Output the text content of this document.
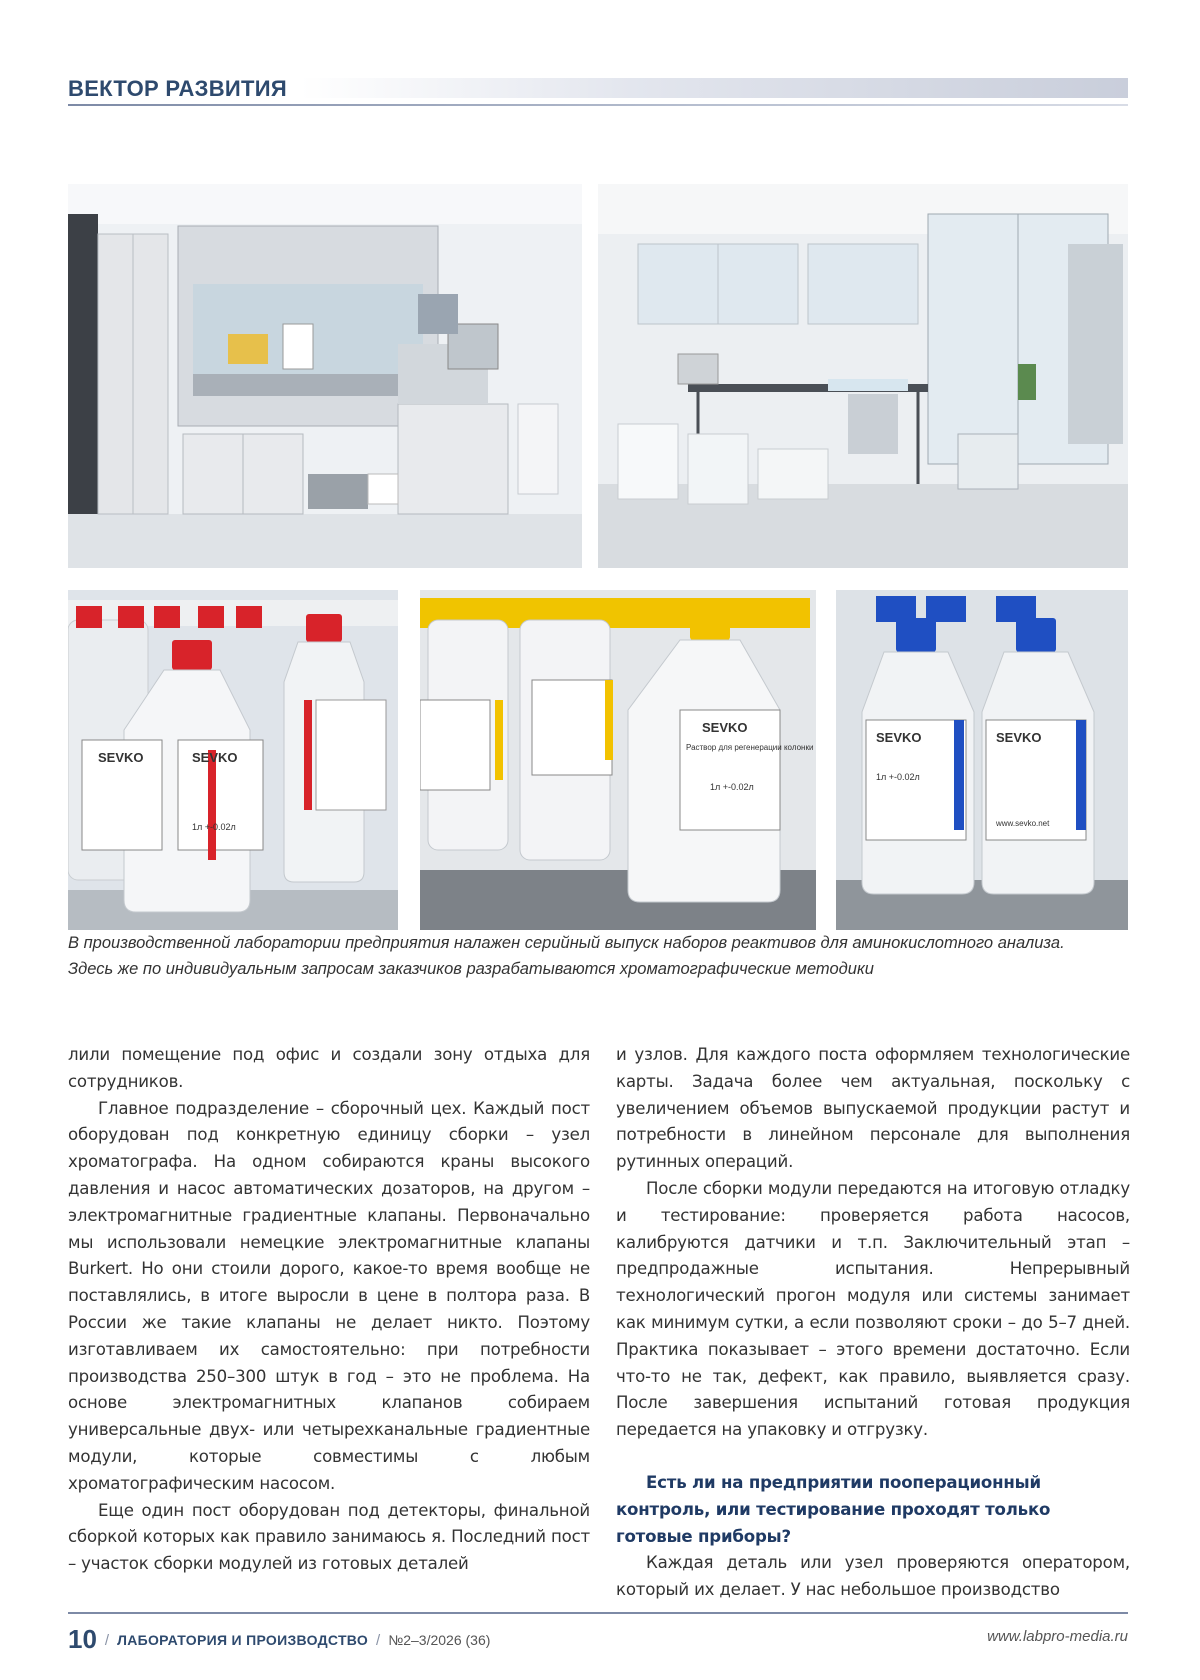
ВЕКТОР РАЗВИТИЯ
SEVKO	SEVKO
1л +-0.02л
SEVKO
Раствор для регенерации колонки
1л +-0.02л
SEVKO	SEVKO
1л +-0.02л
www.sevko.net
В производственной лаборатории предприятия налажен серийный выпуск наборов реактивов для аминокислотного анализа.
Здесь же по индивидуальным запросам заказчиков разрабатываются хроматографические методики

лили помещение под офис и создали зону отдыха для сотрудников.

Главное подразделение – сборочный цех. Каждый пост оборудован под конкретную единицу сборки – узел хроматографа. На одном собираются краны высокого давления и насос автоматических дозаторов, на другом – электромагнитные градиентные клапаны. Первоначально мы использовали немецкие электромагнитные клапаны Burkert. Но они стоили дорого, какое-то время вообще не поставлялись, в итоге выросли в цене в полтора раза. В России же такие клапаны не делает никто. Поэтому изготавливаем их самостоятельно: при потребности производства 250–300 штук в год – это не проблема. На основе электромагнитных клапанов собираем универсальные двух- или четырехканальные градиентные модули, которые совместимы с любым хроматографическим насосом.

Еще один пост оборудован под детекторы, финальной сборкой которых как правило занимаюсь я. Последний пост – участок сборки модулей из готовых деталей

и узлов. Для каждого поста оформляем технологические карты. Задача более чем актуальная, поскольку с увеличением объемов выпускаемой продукции растут и потребности в линейном персонале для выполнения рутинных операций.

После сборки модули передаются на итоговую отладку и тестирование: проверяется работа насосов, калибруются датчики и т.п. Заключительный этап – предпродажные испытания. Непрерывный технологический прогон модуля или системы занимает как минимум сутки, а если позволяют сроки – до 5–7 дней. Практика показывает – этого времени достаточно. Если что-то не так, дефект, как правило, выявляется сразу. После завершения испытаний готовая продукция передается на упаковку и отгрузку.

Есть ли на предприятии пооперационный контроль, или тестирование проходят только готовые приборы?

Каждая деталь или узел проверяются оператором, который их делает. У нас небольшое производство

10 / ЛАБОРАТОРИЯ И ПРОИЗВОДСТВО / №2–3/2026 (36)	www.labpro-media.ru
